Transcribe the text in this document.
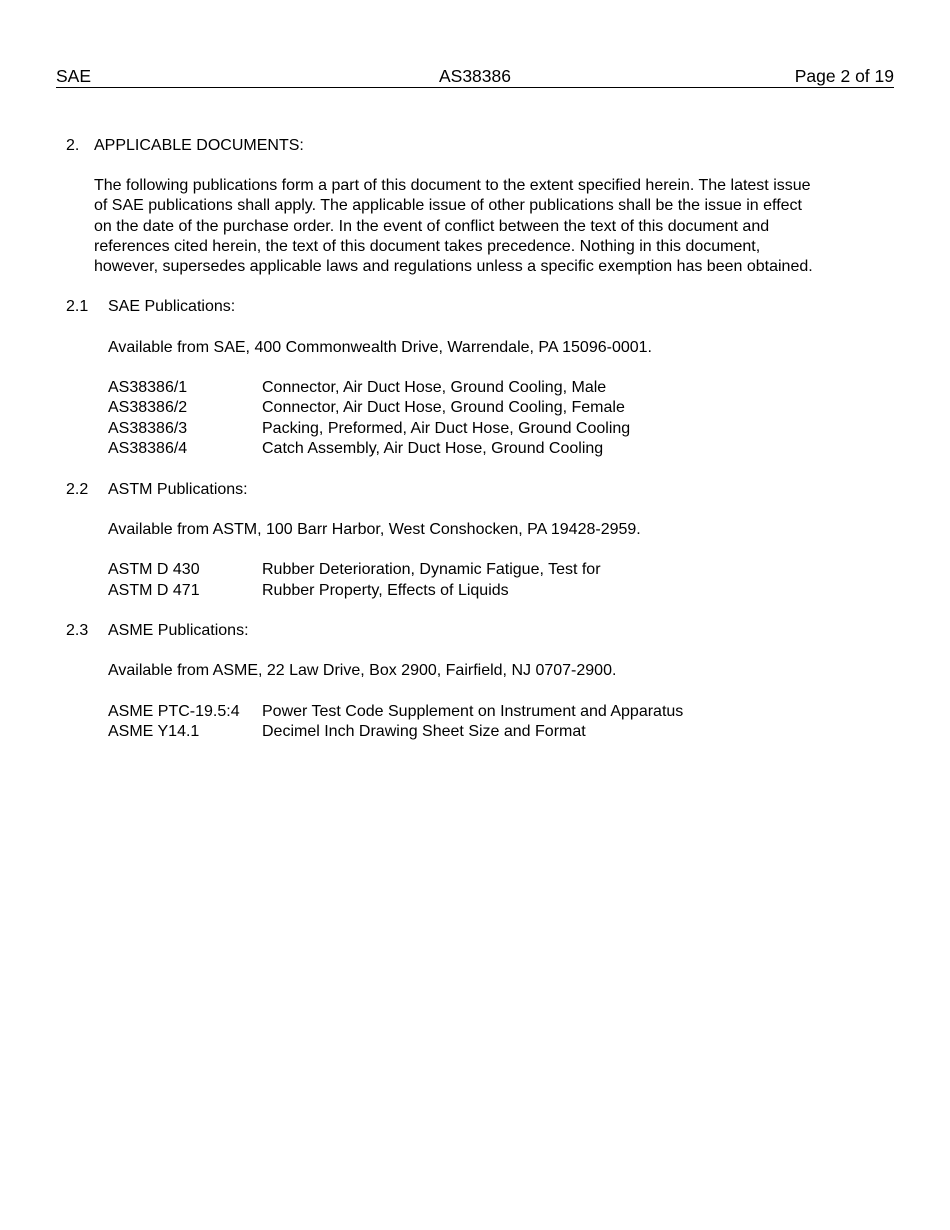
AS38386
SAE	Page 2 of 19
2. APPLICABLE DOCUMENTS:
The following publications form a part of this document to the extent specified herein. The latest issue
of SAE publications shall apply. The applicable issue of other publications shall be the issue in effect
on the date of the purchase order. In the event of conflict between the text of this document and
references cited herein, the text of this document takes precedence. Nothing in this document,
however, supersedes applicable laws and regulations unless a specific exemption has been obtained.
2.1 SAE Publications:
Available from SAE, 400 Commonwealth Drive, Warrendale, PA 15096-0001.
AS38386/1	Connector, Air Duct Hose, Ground Cooling, Male
AS38386/2	Connector, Air Duct Hose, Ground Cooling, Female
AS38386/3	Packing, Preformed, Air Duct Hose, Ground Cooling
AS38386/4	Catch Assembly, Air Duct Hose, Ground Cooling
2.2 ASTM Publications:
Available from ASTM, 100 Barr Harbor, West Conshocken, PA 19428-2959.
ASTM D 430	Rubber Deterioration, Dynamic Fatigue, Test for
ASTM D 471	Rubber Property, Effects of Liquids
2.3 ASME Publications:
Available from ASME, 22 Law Drive, Box 2900, Fairfield, NJ 0707-2900.
ASME PTC-19.5:4 Power Test Code Supplement on Instrument and Apparatus
ASME Y14.1	Decimel Inch Drawing Sheet Size and Format
